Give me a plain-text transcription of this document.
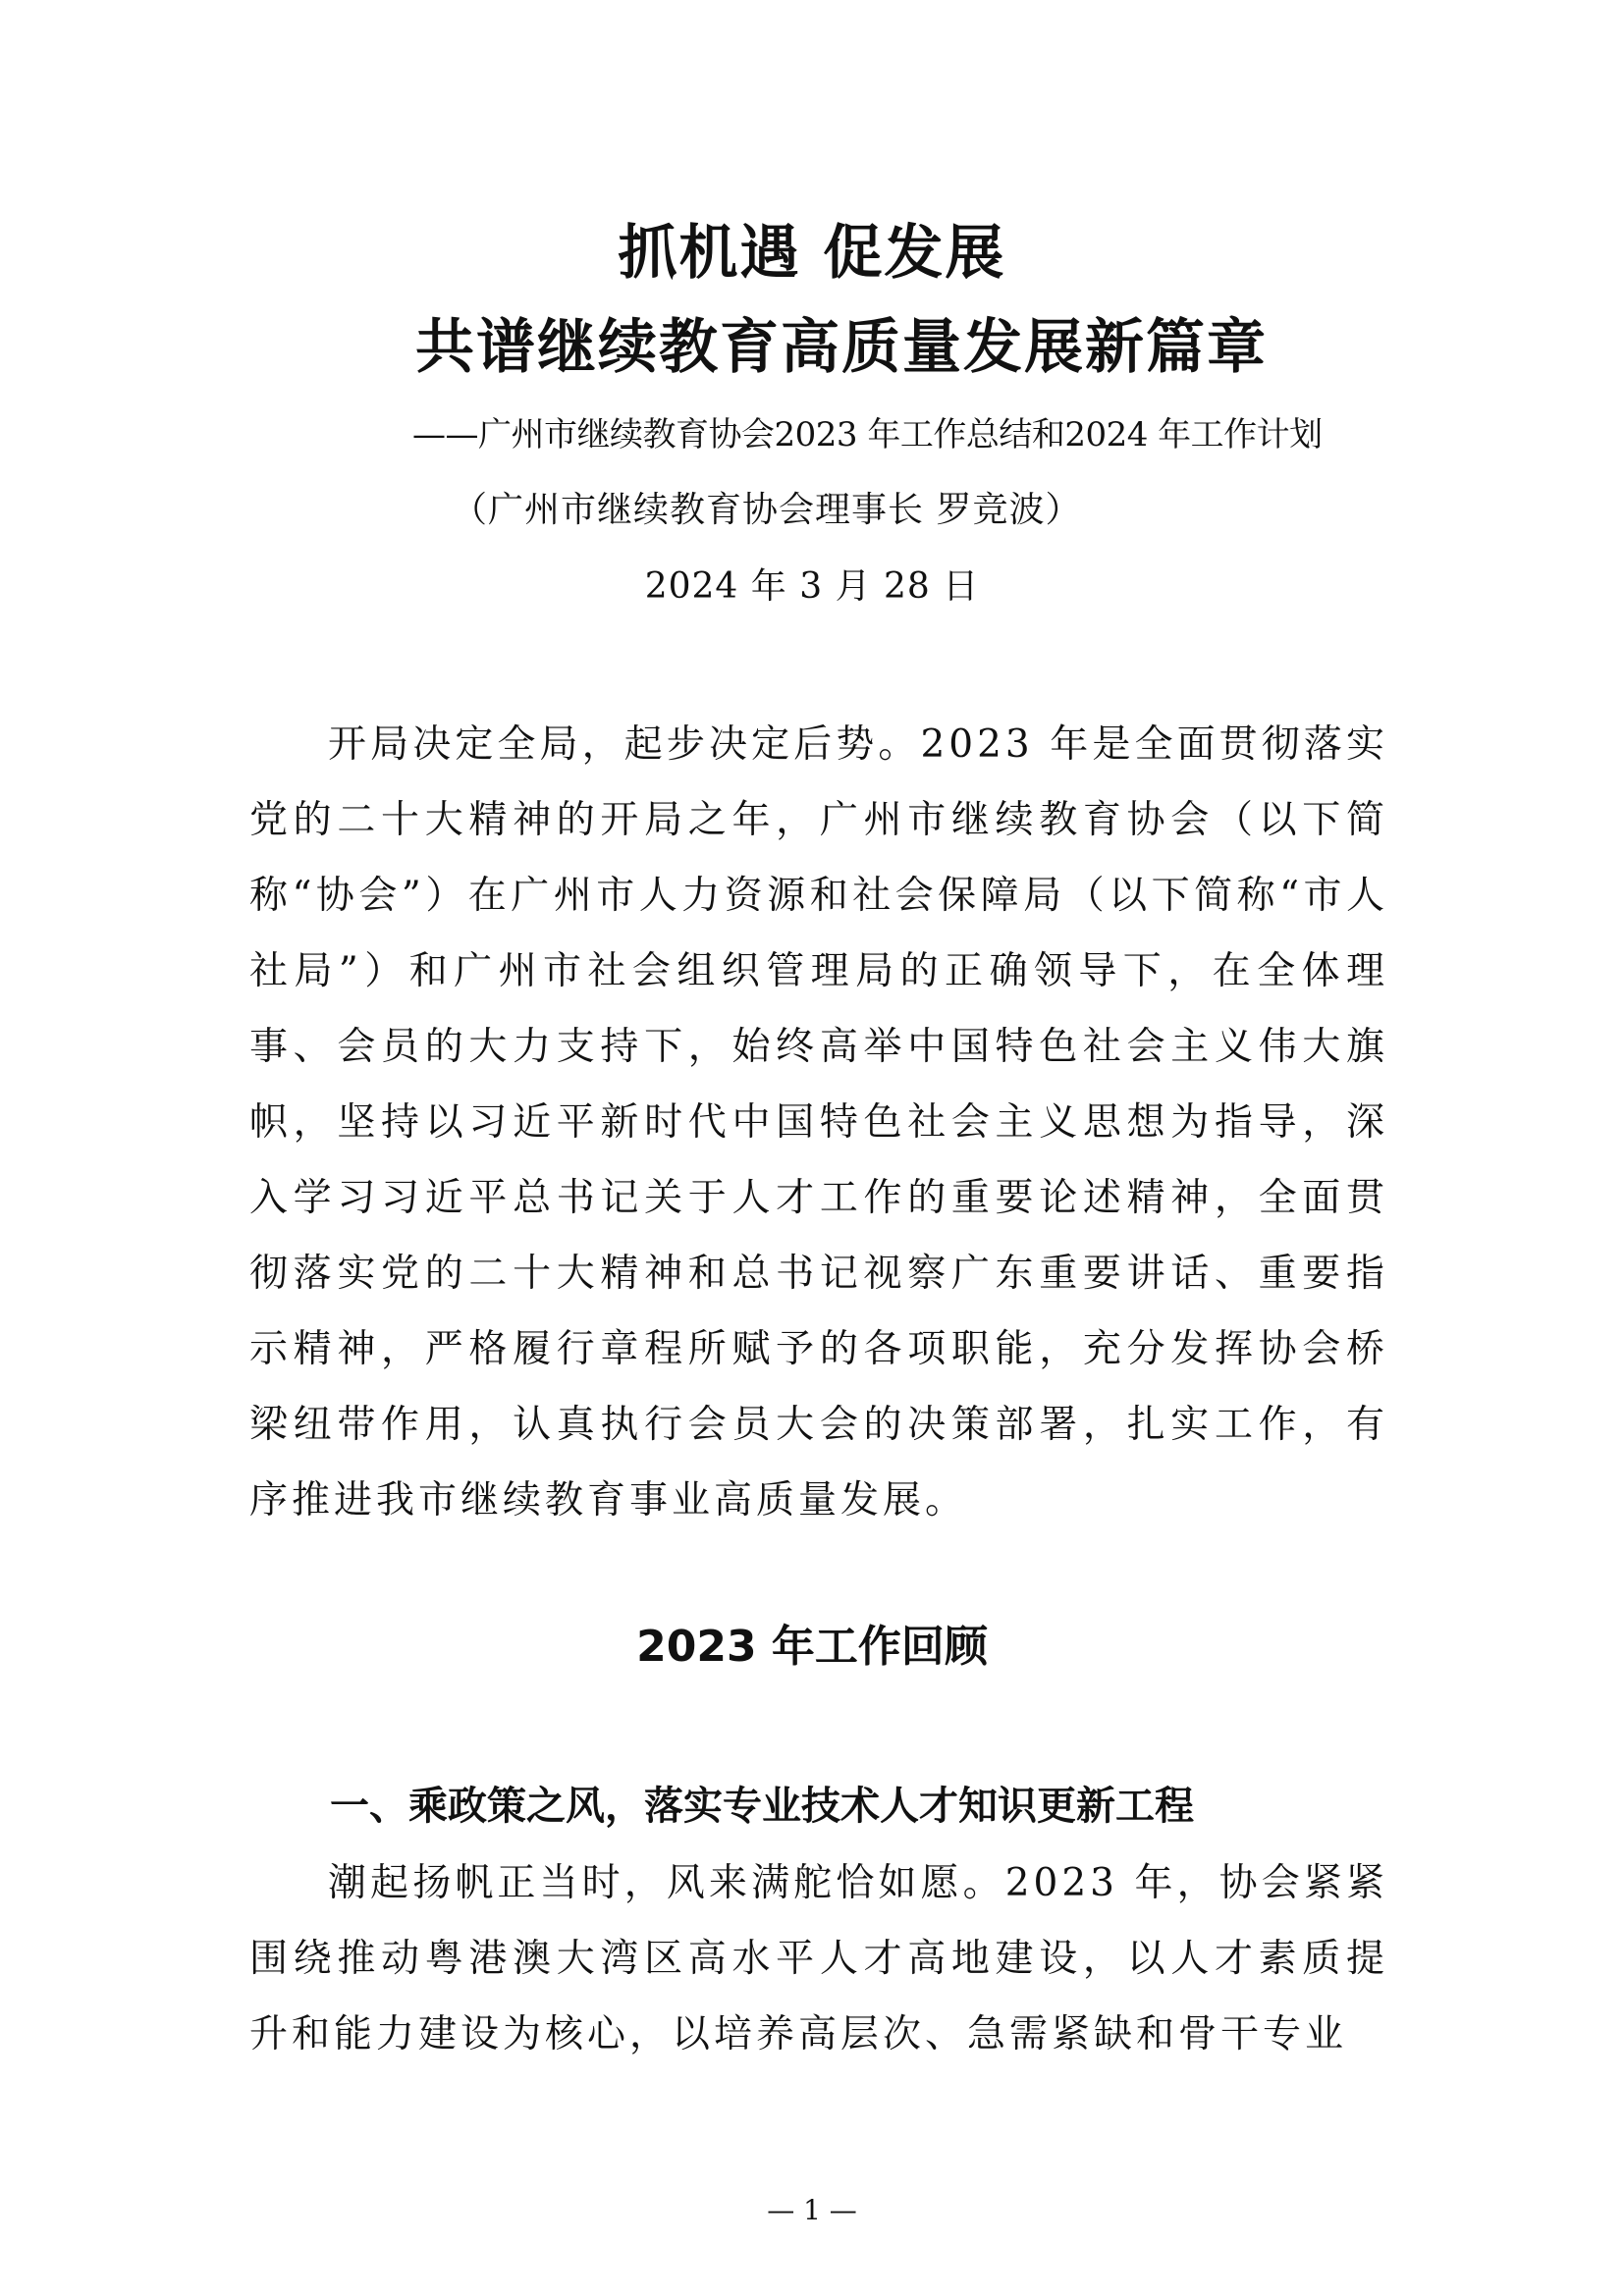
抓机遇 促发展
共谱继续教育高质量发展新篇章
——广州市继续教育协会2023 年工作总结和2024 年工作计划
（广州市继续教育协会理事长 罗竞波）
2024 年 3 月 28 日

开局决定全局，起步决定后势。2023 年是全面贯彻落实党的二十大精神的开局之年，广州市继续教育协会（以下简称“协会”）在广州市人力资源和社会保障局（以下简称“市人社局”）和广州市社会组织管理局的正确领导下，在全体理事、会员的大力支持下，始终高举中国特色社会主义伟大旗帜，坚持以习近平新时代中国特色社会主义思想为指导，深入学习习近平总书记关于人才工作的重要论述精神，全面贯彻落实党的二十大精神和总书记视察广东重要讲话、重要指示精神，严格履行章程所赋予的各项职能，充分发挥协会桥梁纽带作用，认真执行会员大会的决策部署，扎实工作，有序推进我市继续教育事业高质量发展。

2023 年工作回顾
一、乘政策之风，落实专业技术人才知识更新工程

潮起扬帆正当时，风来满舵恰如愿。2023 年，协会紧紧围绕推动粤港澳大湾区高水平人才高地建设，以人才素质提升和能力建设为核心，以培养高层次、急需紧缺和骨干专业

— 1 —
